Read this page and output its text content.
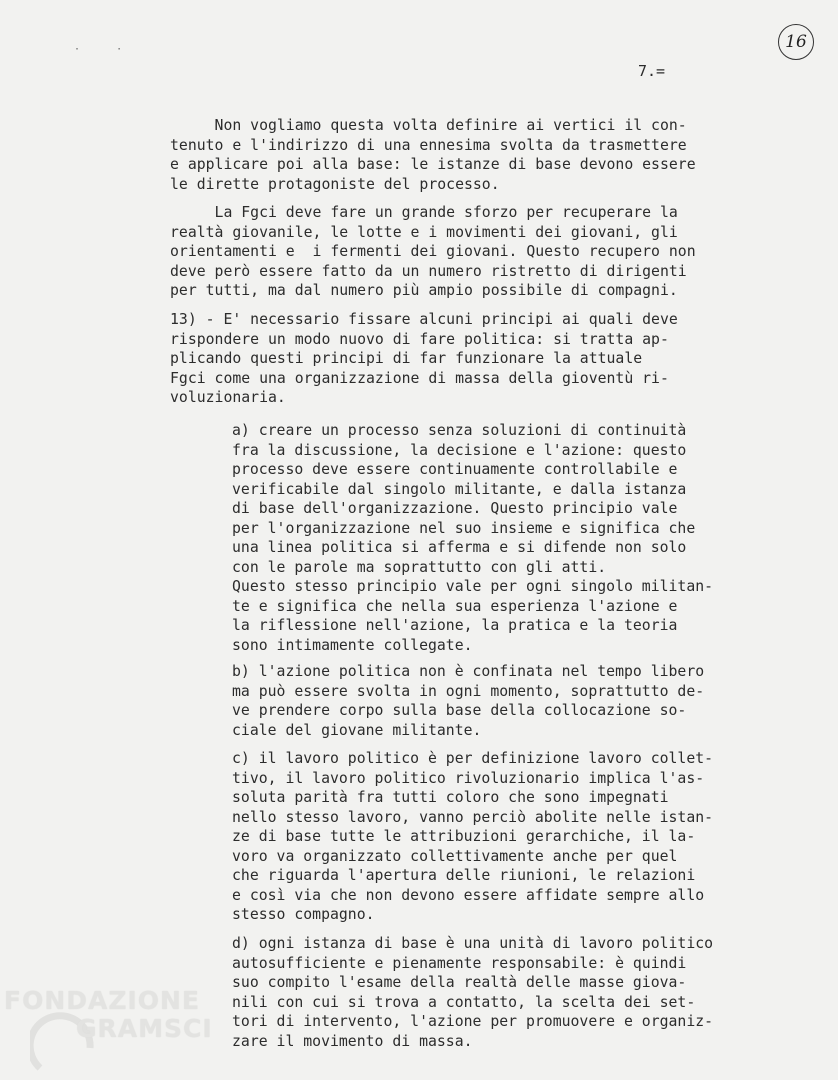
·      ·	16
7.=
Non vogliamo questa volta definire ai vertici il con-
tenuto e l'indirizzo di una ennesima svolta da trasmettere
e applicare poi alla base: le istanze di base devono essere
le dirette protagoniste del processo.
La Fgci deve fare un grande sforzo per recuperare la
realtà giovanile, le lotte e i movimenti dei giovani, gli
orientamenti e  i fermenti dei giovani. Questo recupero non
deve però essere fatto da un numero ristretto di dirigenti
per tutti, ma dal numero più ampio possibile di compagni.
13) - E' necessario fissare alcuni principi ai quali deve
rispondere un modo nuovo di fare politica: si tratta ap-
plicando questi principi di far funzionare la attuale
Fgci come una organizzazione di massa della gioventù ri-
voluzionaria.
a) creare un processo senza soluzioni di continuità
fra la discussione, la decisione e l'azione: questo
processo deve essere continuamente controllabile e
verificabile dal singolo militante, e dalla istanza
di base dell'organizzazione. Questo principio vale
per l'organizzazione nel suo insieme e significa che
una linea politica si afferma e si difende non solo
con le parole ma soprattutto con gli atti.
Questo stesso principio vale per ogni singolo militan-
te e significa che nella sua esperienza l'azione e
la riflessione nell'azione, la pratica e la teoria
sono intimamente collegate.
b) l'azione politica non è confinata nel tempo libero
ma può essere svolta in ogni momento, soprattutto de-
ve prendere corpo sulla base della collocazione so-
ciale del giovane militante.
c) il lavoro politico è per definizione lavoro collet-
tivo, il lavoro politico rivoluzionario implica l'as-
soluta parità fra tutti coloro che sono impegnati
nello stesso lavoro, vanno perciò abolite nelle istan-
ze di base tutte le attribuzioni gerarchiche, il la-
voro va organizzato collettivamente anche per quel
che riguarda l'apertura delle riunioni, le relazioni
e così via che non devono essere affidate sempre allo
stesso compagno.
d) ogni istanza di base è una unità di lavoro politico
autosufficiente e pienamente responsabile: è quindi
suo compito l'esame della realtà delle masse giova-
nili con cui si trova a contatto, la scelta dei set-
tori di intervento, l'azione per promuovere e organiz-
zare il movimento di massa.
FONDAZIONE
GRAMSCI
